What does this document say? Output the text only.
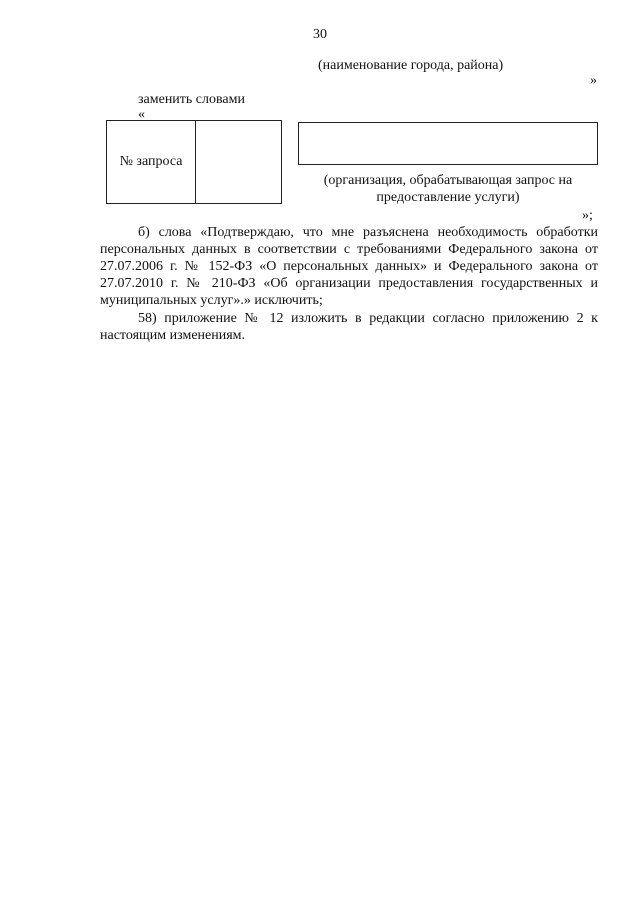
30
(наименование города, района)
»
заменить словами
«
№ запроса
(организация, обрабатывающая запрос на
предоставление услуги)
»;
б) слова «Подтверждаю, что мне разъяснена необходимость обработки персональных данных в соответствии с требованиями Федерального закона от 27.07.2006 г. № 152-ФЗ «О персональных данных» и Федерального закона от 27.07.2010 г. № 210-ФЗ «Об организации предоставления государственных и муниципальных услуг».» исключить;
58) приложение № 12 изложить в редакции согласно приложению 2 к настоящим изменениям.
